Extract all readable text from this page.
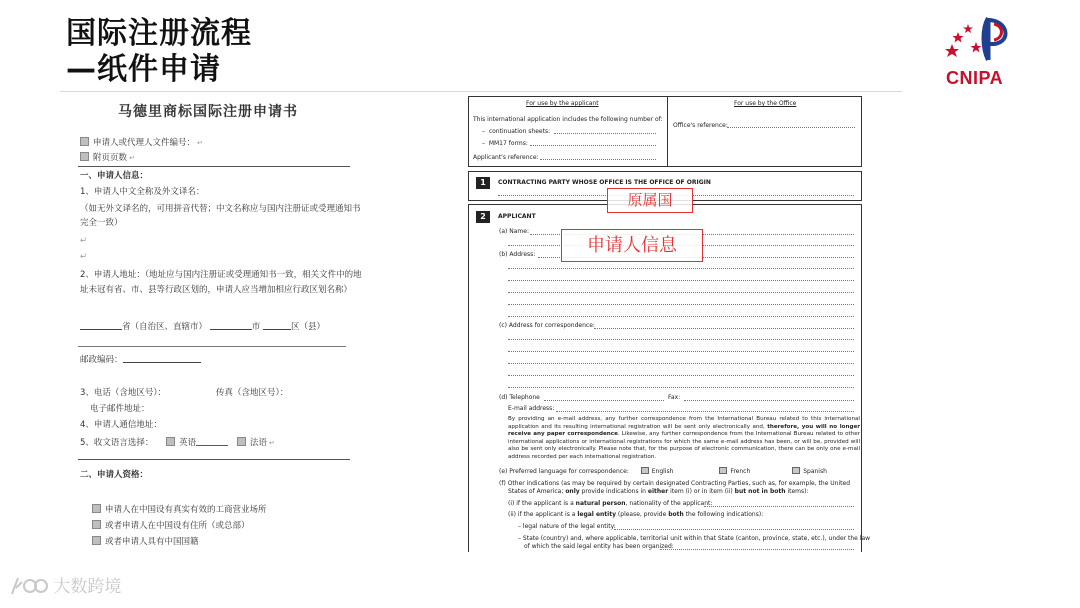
国际注册流程
—纸件申请	CNIPA
马德里商标国际注册申请书
申请人或代理人文件编号： ↵
附页页数 ↵
一、申请人信息：
1、申请人中文全称及外文译名：
（如无外文译名的，可用拼音代替；中文名称应与国内注册证或受理通知书
完全一致）
↵
↵
2、申请人地址：（地址应与国内注册证或受理通知书一致，相关文件中的地
址未冠有省、市、县等行政区划的，申请人应当增加相应行政区划名称）
省（自治区、直辖市）	市	区（县）
邮政编码：
3、电话（含地区号）：	传真（含地区号）：
电子邮件地址：
4、申请人通信地址：
5、收文语言选择：	英语	法语 ↵
二、申请人资格：
申请人在中国设有真实有效的工商营业场所
或者申请人在中国设有住所（或总部）
或者申请人具有中国国籍
For use by the applicant	For use by the Office
This international application includes the following number of:
–  continuation sheets:
–  MM17 forms:
Applicant's reference:
Office's reference:
1	CONTRACTING PARTY WHOSE OFFICE IS THE OFFICE OF ORIGIN
2	APPLICANT
(a) Name:
(b) Address:
(c) Address for correspondence:
(d) Telephone	Fax:
E-mail address:
By providing an e-mail address, any further correspondence from the International Bureau related to this international application and its resulting international registration will be sent only electronically and, therefore, you will no longer receive any paper correspondence. Likewise, any further correspondence from the International Bureau related to other international applications or international registrations for which the same e-mail address has been, or will be, provided will also be sent only electronically. Please note that, for the purpose of electronic communication, there can be only one e-mail address recorded per each international registration.
(e) Preferred language for correspondence:	English	French	Spanish
(f) Other indications (as may be required by certain designated Contracting Parties, such as, for example, the United
States of America; only provide indications in either item (i) or in item (ii) but not in both items):
(i) if the applicant is a natural person, nationality of the applicant:
(ii) if the applicant is a legal entity (please, provide both the following indications):
– legal nature of the legal entity:
– State (country) and, where applicable, territorial unit within that State (canton, province, state, etc.), under the law
of which the said legal entity has been organized:
原属国
申请人信息
大数跨境
